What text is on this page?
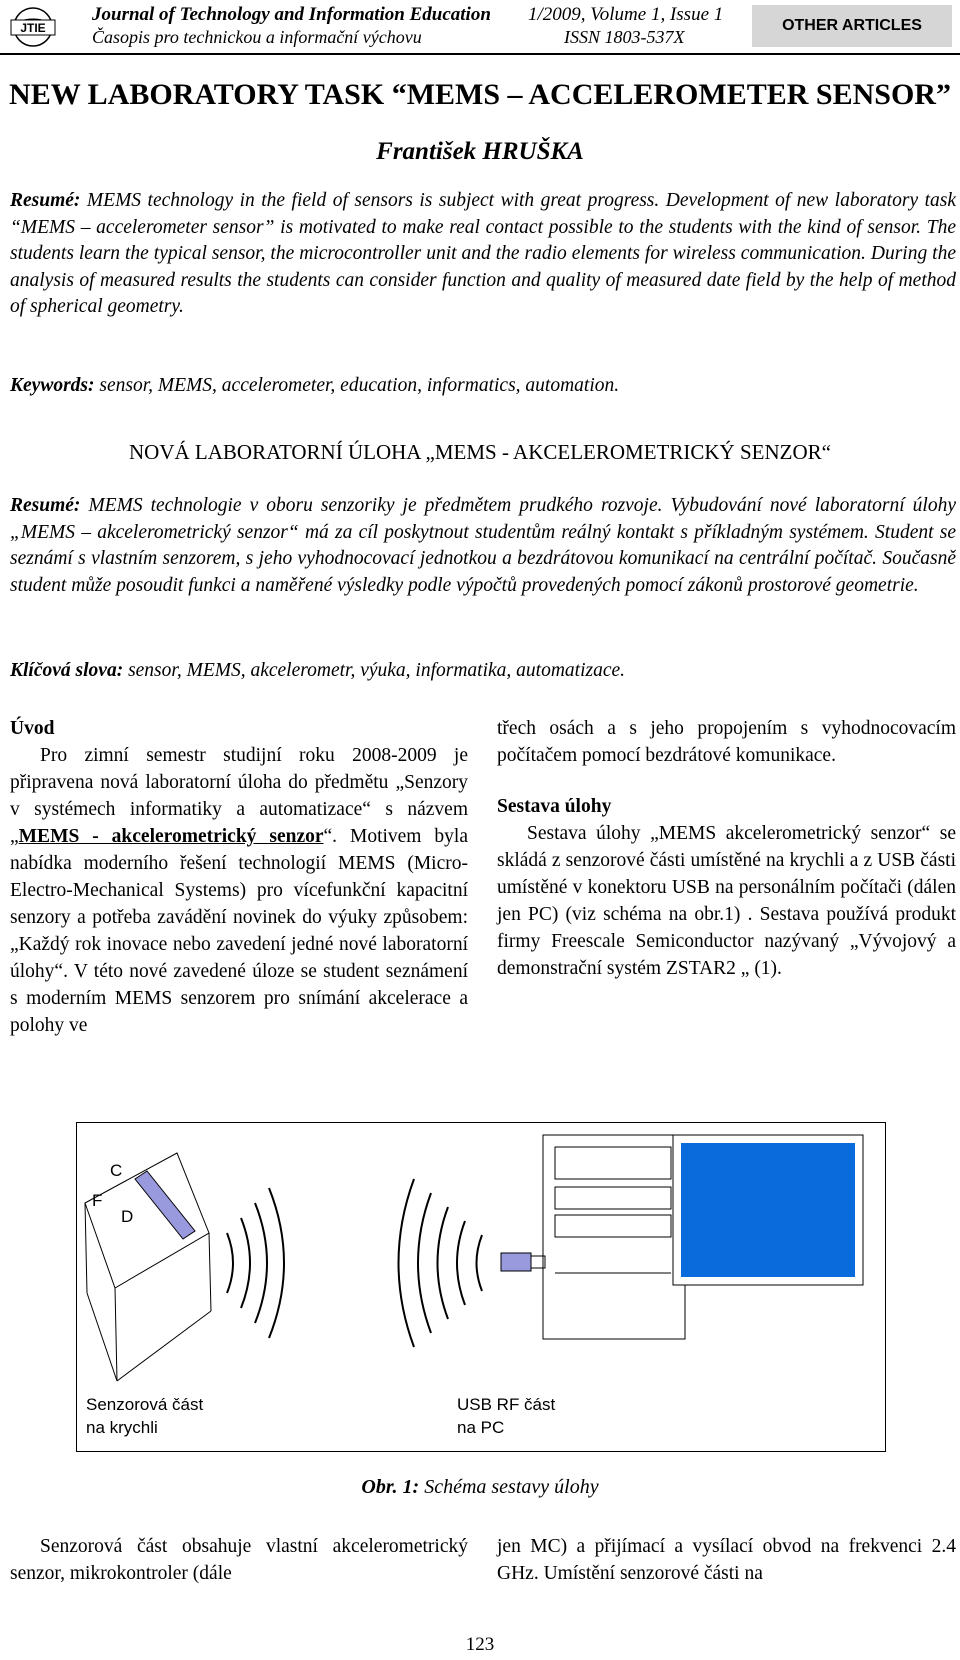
JTIE
Journal of Technology and Information Education
Časopis pro technickou a informační výchovu
1/2009, Volume 1, Issue 1
ISSN 1803-537X
OTHER ARTICLES
NEW LABORATORY TASK “MEMS – ACCELEROMETER SENSOR”
František HRUŠKA

Resumé: MEMS technology in the field of sensors is subject with great progress. Development of new laboratory task “MEMS – accelerometer sensor” is motivated to make real contact possible to the students with the kind of sensor. The students learn the typical sensor, the microcontroller unit and the radio elements for wireless communication. During the analysis of measured results the students can consider function and quality of measured date field by the help of method of spherical geometry.

Keywords: sensor, MEMS, accelerometer, education, informatics, automation.
NOVÁ LABORATORNÍ ÚLOHA „MEMS - AKCELEROMETRICKÝ SENZOR“

Resumé: MEMS technologie v oboru senzoriky je předmětem prudkého rozvoje. Vybudování nové laboratorní úlohy „MEMS – akcelerometrický senzor“ má za cíl poskytnout studentům reálný kontakt s příkladným systémem. Student se seznámí s vlastním senzorem, s jeho vyhodnocovací jednotkou a bezdrátovou komunikací na centrální počítač. Současně student může posoudit funkci a naměřené výsledky podle výpočtů provedených pomocí zákonů prostorové geometrie.

Klíčová slova: sensor, MEMS, akcelerometr, výuka, informatika, automatizace.

Úvod

Pro zimní semestr studijní roku 2008-2009 je připravena nová laboratorní úloha do předmětu „Senzory v systémech informatiky a automatizace“ s názvem „MEMS - akcelerometrický senzor“. Motivem byla nabídka moderního řešení technologií MEMS (Micro-Electro-Mechanical Systems) pro vícefunkční kapacitní senzory a potřeba zavádění novinek do výuky způsobem: „Každý rok inovace nebo zavedení jedné nové laboratorní úlohy“. V této nové zavedené úloze se student seznámení s moderním MEMS senzorem pro snímání akcelerace a polohy ve

třech osách a s jeho propojením s vyhodnocovacím počítačem pomocí bezdrátové komunikace.

Sestava úlohy

Sestava úlohy „MEMS akcelerometrický senzor“ se skládá z senzorové části umístěné na krychli a z USB části umístěné v konektoru USB na personálním počítači (dálen jen PC) (viz schéma na obr.1) . Sestava používá produkt firmy Freescale Semiconductor nazývaný „Vývojový a demonstrační systém ZSTAR2 „ (1).

C
F
D
Senzorová část
na krychli
USB RF část
na PC
Obr. 1: Schéma sestavy úlohy

Senzorová část obsahuje vlastní akcelerometrický senzor, mikrokontroler (dále

jen MC) a přijímací a vysílací obvod na frekvenci 2.4 GHz. Umístění senzorové části na

123
